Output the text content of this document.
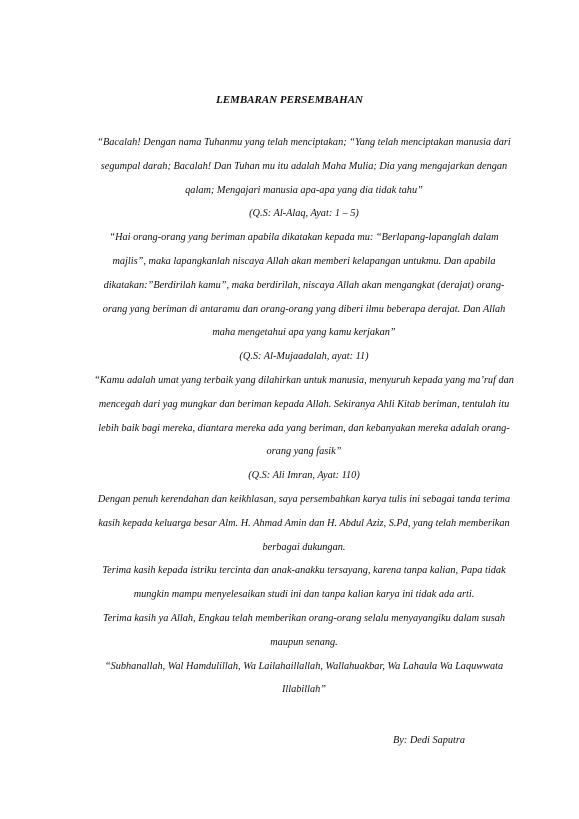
LEMBARAN PERSEMBAHAN

“Bacalah! Dengan nama Tuhanmu yang telah menciptakan; “Yang telah menciptakan manusia dari segumpal darah; Bacalah! Dan Tuhan mu itu adalah Maha Mulia; Dia yang mengajarkan dengan qalam; Mengajari manusia apa-apa yang dia tidak tahu”

(Q.S: Al-Alaq, Ayat: 1 – 5)

“Hai orang-orang yang beriman apabila dikatakan kepada mu: “Berlapang-lapanglah dalam majlis”, maka lapangkanlah niscaya Allah akan memberi kelapangan untukmu. Dan apabila dikatakan:”Berdirilah kamu”, maka berdirilah, niscaya Allah akan mengangkat (derajat) orang-orang yang beriman di antaramu dan orang-orang yang diberi ilmu beberapa derajat. Dan Allah maha mengetahui apa yang kamu kerjakan”

(Q.S: Al-Mujaadalah, ayat: 11)

“Kamu adalah umat yang terbaik yang dilahirkan untuk manusia, menyuruh kepada yang ma’ruf dan mencegah dari yag mungkar dan beriman kepada Allah. Sekiranya Ahli Kitab beriman, tentulah itu lebih baik bagi mereka, diantara mereka ada yang beriman, dan kebanyakan mereka adalah orang-orang yang fasik”

(Q.S: Ali Imran, Ayat: 110)

Dengan penuh kerendahan dan keikhlasan, saya persembahkan karya tulis ini sebagai tanda terima kasih kepada keluarga besar Alm. H. Ahmad Amin dan H. Abdul Aziz, S.Pd, yang telah memberikan berbagai dukungan.

Terima kasih kepada istriku tercinta dan anak-anakku tersayang, karena tanpa kalian, Papa tidak mungkin mampu menyelesaikan studi ini dan tanpa kalian karya ini tidak ada arti.

Terima kasih ya Allah, Engkau telah memberikan orang-orang selalu menyayangiku dalam susah maupun senang.

“Subhanallah, Wal Hamdulillah, Wa Lailahaillallah, Wallahuakbar, Wa Lahaula Wa Laquwwata Illabillah”

By: Dedi Saputra
